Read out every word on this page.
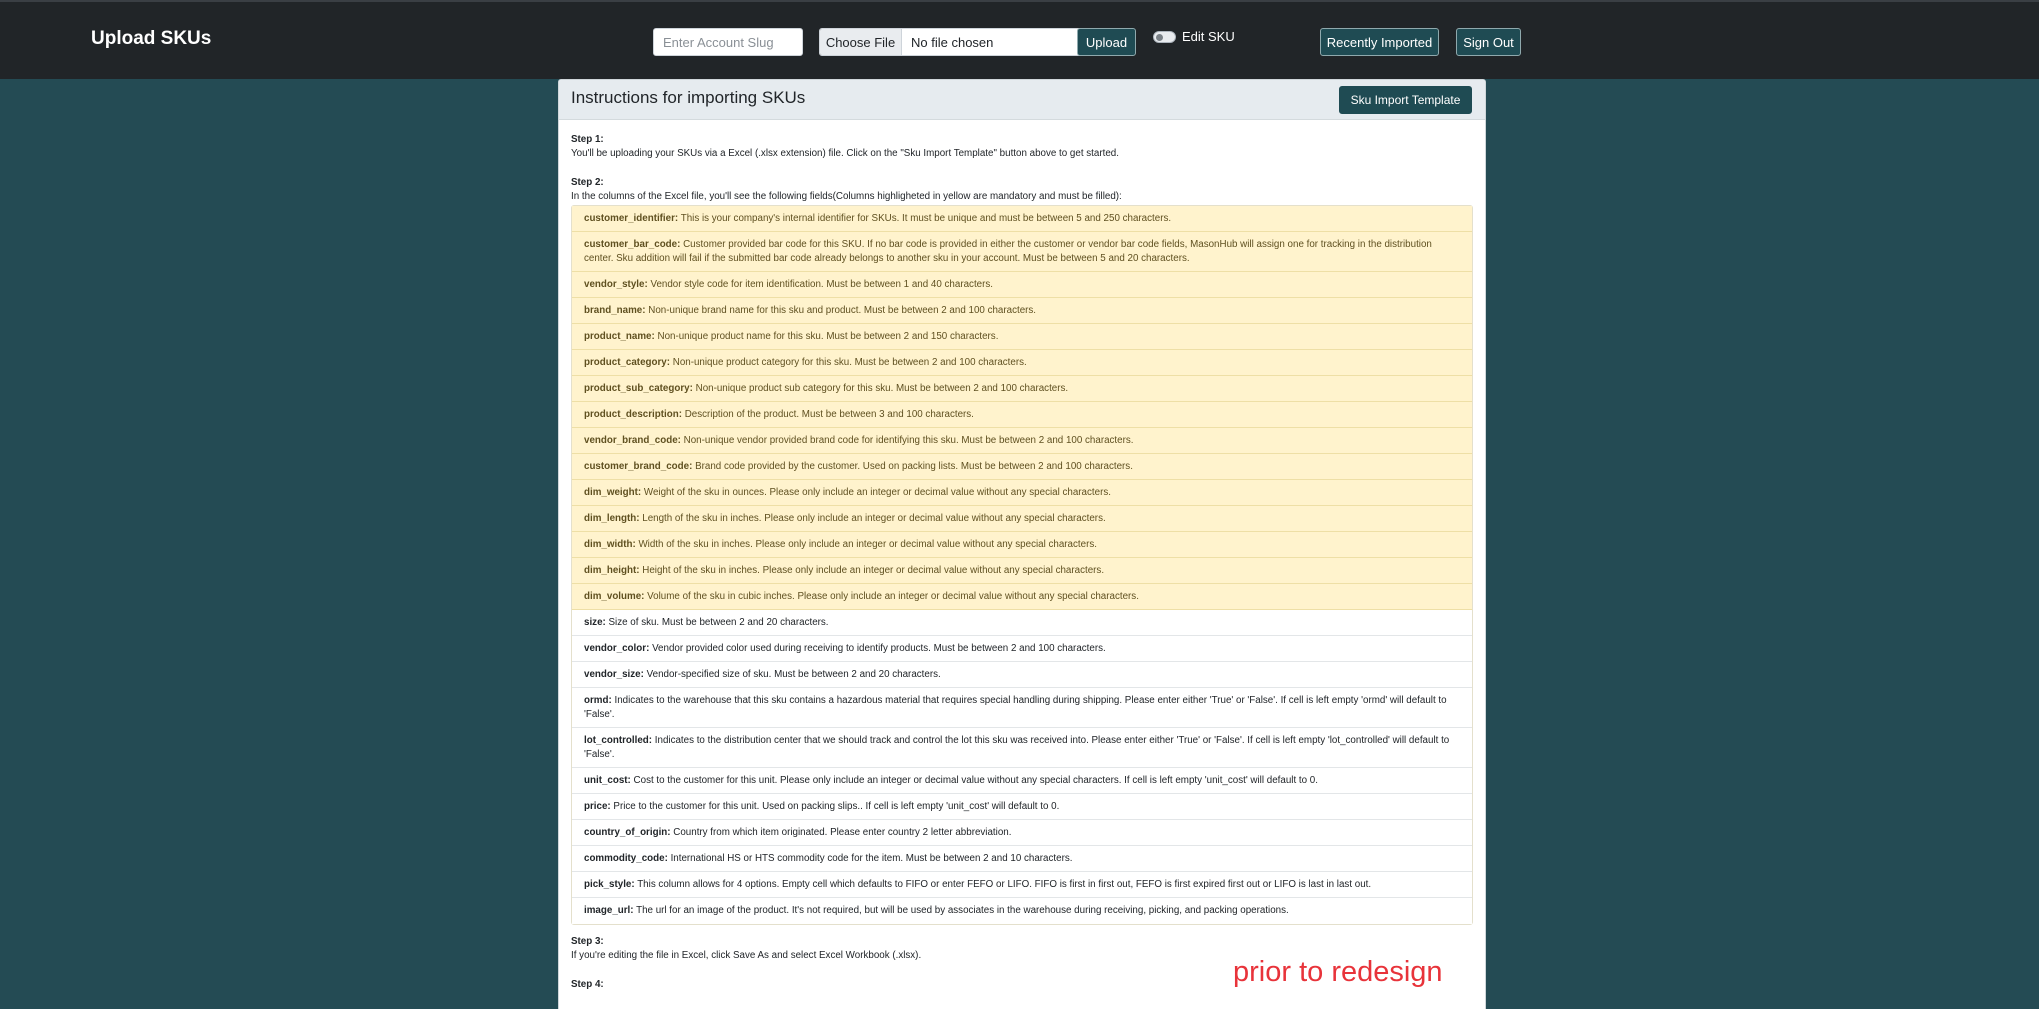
Upload SKUs
Enter Account Slug	Choose File	No file chosen	Upload	Edit SKU	Recently Imported	Sign Out
Instructions for importing SKUs	Sku Import Template
Step 1:
You'll be uploading your SKUs via a Excel (.xlsx extension) file. Click on the "Sku Import Template" button above to get started.
Step 2:
In the columns of the Excel file, you'll see the following fields(Columns highligheted in yellow are mandatory and must be filled):
customer_identifier: This is your company's internal identifier for SKUs. It must be unique and must be between 5 and 250 characters.
customer_bar_code: Customer provided bar code for this SKU. If no bar code is provided in either the customer or vendor bar code fields, MasonHub will assign one for tracking in the distribution center. Sku addition will fail if the submitted bar code already belongs to another sku in your account. Must be between 5 and 20 characters.
vendor_style: Vendor style code for item identification. Must be between 1 and 40 characters.
brand_name: Non-unique brand name for this sku and product. Must be between 2 and 100 characters.
product_name: Non-unique product name for this sku. Must be between 2 and 150 characters.
product_category: Non-unique product category for this sku. Must be between 2 and 100 characters.
product_sub_category: Non-unique product sub category for this sku. Must be between 2 and 100 characters.
product_description: Description of the product. Must be between 3 and 100 characters.
vendor_brand_code: Non-unique vendor provided brand code for identifying this sku. Must be between 2 and 100 characters.
customer_brand_code: Brand code provided by the customer. Used on packing lists. Must be between 2 and 100 characters.
dim_weight: Weight of the sku in ounces. Please only include an integer or decimal value without any special characters.
dim_length: Length of the sku in inches. Please only include an integer or decimal value without any special characters.
dim_width: Width of the sku in inches. Please only include an integer or decimal value without any special characters.
dim_height: Height of the sku in inches. Please only include an integer or decimal value without any special characters.
dim_volume: Volume of the sku in cubic inches. Please only include an integer or decimal value without any special characters.
size: Size of sku. Must be between 2 and 20 characters.
vendor_color: Vendor provided color used during receiving to identify products. Must be between 2 and 100 characters.
vendor_size: Vendor-specified size of sku. Must be between 2 and 20 characters.
ormd: Indicates to the warehouse that this sku contains a hazardous material that requires special handling during shipping. Please enter either 'True' or 'False'. If cell is left empty 'ormd' will default to 'False'.
lot_controlled: Indicates to the distribution center that we should track and control the lot this sku was received into. Please enter either 'True' or 'False'. If cell is left empty 'lot_controlled' will default to 'False'.
unit_cost: Cost to the customer for this unit. Please only include an integer or decimal value without any special characters. If cell is left empty 'unit_cost' will default to 0.
price: Price to the customer for this unit. Used on packing slips.. If cell is left empty 'unit_cost' will default to 0.
country_of_origin: Country from which item originated. Please enter country 2 letter abbreviation.
commodity_code: International HS or HTS commodity code for the item. Must be between 2 and 10 characters.
pick_style: This column allows for 4 options. Empty cell which defaults to FIFO or enter FEFO or LIFO. FIFO is first in first out, FEFO is first expired first out or LIFO is last in last out.
image_url: The url for an image of the product. It's not required, but will be used by associates in the warehouse during receiving, picking, and packing operations.
Step 3:
If you're editing the file in Excel, click Save As and select Excel Workbook (.xlsx).
Step 4:	prior to redesign
